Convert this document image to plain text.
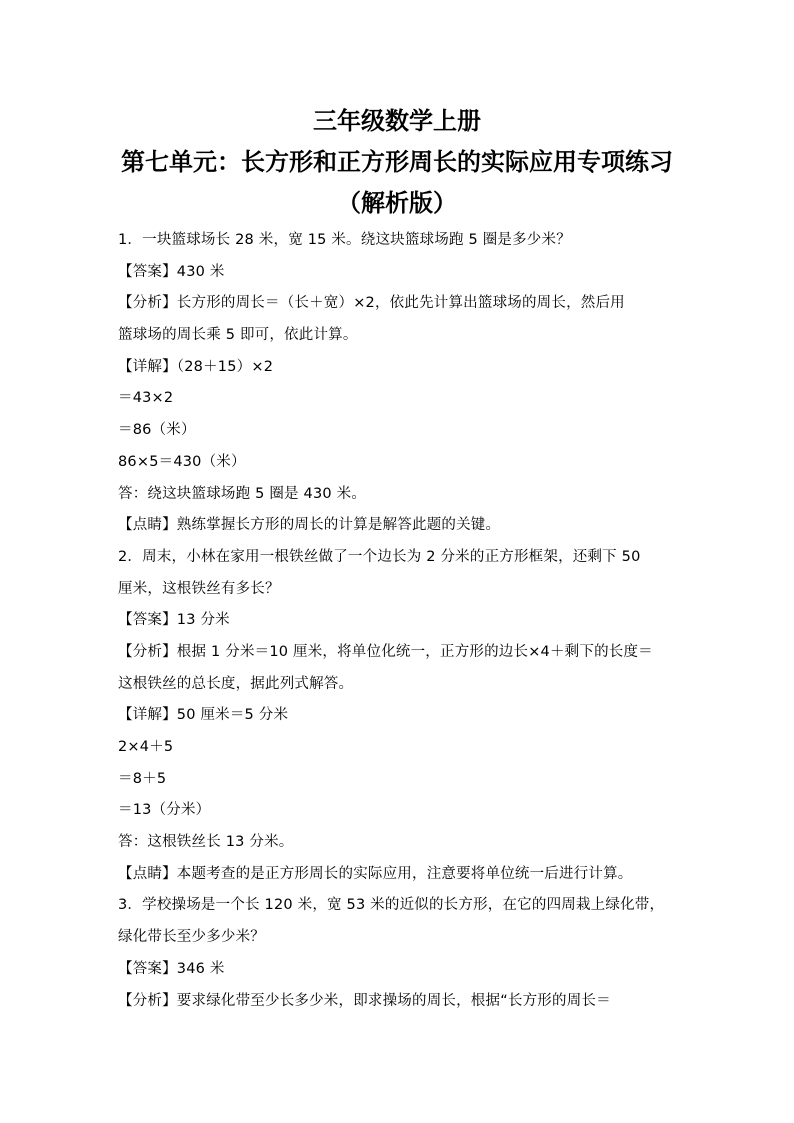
三年级数学上册
第七单元：长方形和正方形周长的实际应用专项练习
（解析版）
1．一块篮球场长 28 米，宽 15 米。绕这块篮球场跑 5 圈是多少米？
【答案】430 米
【分析】长方形的周长＝（长＋宽）×2，依此先计算出篮球场的周长，然后用
篮球场的周长乘 5 即可，依此计算。
【详解】（28＋15）×2
＝43×2
＝86（米）
86×5＝430（米）
答：绕这块篮球场跑 5 圈是 430 米。
【点睛】熟练掌握长方形的周长的计算是解答此题的关键。
2．周末，小林在家用一根铁丝做了一个边长为 2 分米的正方形框架，还剩下 50
厘米，这根铁丝有多长？
【答案】13 分米
【分析】根据 1 分米＝10 厘米，将单位化统一，正方形的边长×4＋剩下的长度＝
这根铁丝的总长度，据此列式解答。
【详解】50 厘米＝5 分米
2×4＋5
＝8＋5
＝13（分米）
答：这根铁丝长 13 分米。
【点睛】本题考查的是正方形周长的实际应用，注意要将单位统一后进行计算。
3．学校操场是一个长 120 米，宽 53 米的近似的长方形，在它的四周栽上绿化带，
绿化带长至少多少米？
【答案】346 米
【分析】要求绿化带至少长多少米，即求操场的周长，根据“长方形的周长＝
